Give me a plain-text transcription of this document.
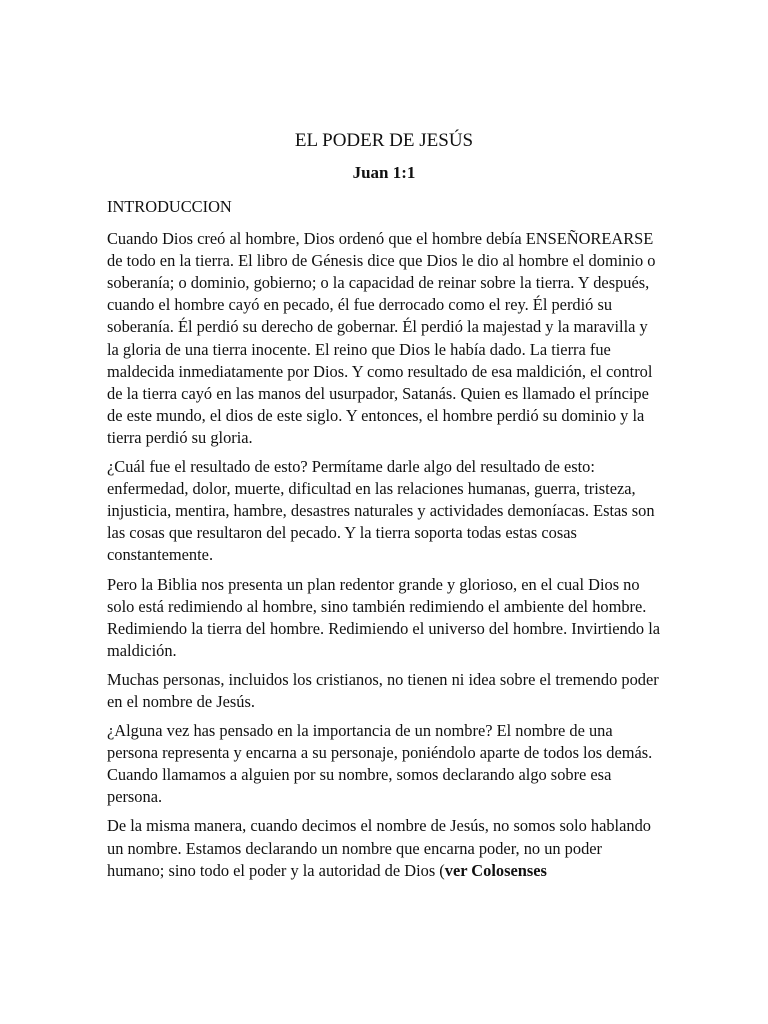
EL PODER DE JESÚS
Juan 1:1

INTRODUCCION

Cuando Dios creó al hombre, Dios ordenó que el hombre debía ENSEÑOREARSE de todo en la tierra. El libro de Génesis dice que Dios le dio al hombre el dominio o soberanía; o dominio, gobierno; o la capacidad de reinar sobre la tierra. Y después, cuando el hombre cayó en pecado, él fue derrocado como el rey. Él perdió su soberanía. Él perdió su derecho de gobernar. Él perdió la majestad y la maravilla y la gloria de una tierra inocente. El reino que Dios le había dado. La tierra fue maldecida inmediatamente por Dios. Y como resultado de esa maldición, el control de la tierra cayó en las manos del usurpador, Satanás. Quien es llamado el príncipe de este mundo, el dios de este siglo. Y entonces, el hombre perdió su dominio y la tierra perdió su gloria.

¿Cuál fue el resultado de esto? Permítame darle algo del resultado de esto: enfermedad, dolor, muerte, dificultad en las relaciones humanas, guerra, tristeza, injusticia, mentira, hambre, desastres naturales y actividades demoníacas. Estas son las cosas que resultaron del pecado. Y la tierra soporta todas estas cosas constantemente.

Pero la Biblia nos presenta un plan redentor grande y glorioso, en el cual Dios no solo está redimiendo al hombre, sino también redimiendo el ambiente del hombre. Redimiendo la tierra del hombre. Redimiendo el universo del hombre. Invirtiendo la maldición.

Muchas personas, incluidos los cristianos, no tienen ni idea sobre el tremendo poder en el nombre de Jesús.

¿Alguna vez has pensado en la importancia de un nombre? El nombre de una persona representa y encarna a su personaje, poniéndolo aparte de todos los demás. Cuando llamamos a alguien por su nombre, somos declarando algo sobre esa persona.

De la misma manera, cuando decimos el nombre de Jesús, no somos solo hablando un nombre. Estamos declarando un nombre que encarna poder, no un poder humano; sino todo el poder y la autoridad de Dios (ver Colosenses
